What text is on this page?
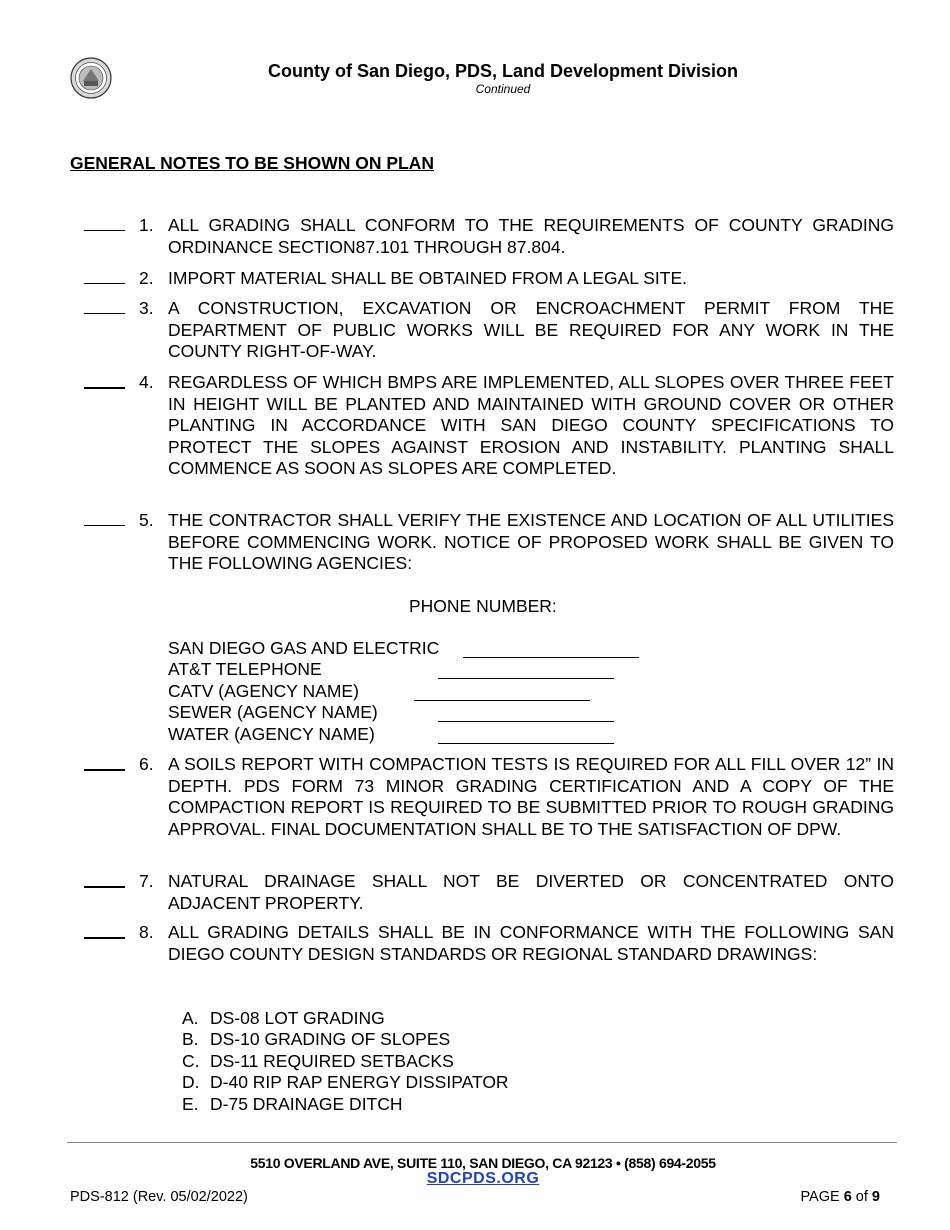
County of San Diego, PDS, Land Development Division
Continued
GENERAL NOTES TO BE SHOWN ON PLAN
1. ALL GRADING SHALL CONFORM TO THE REQUIREMENTS OF COUNTY GRADING ORDINANCE SECTION87.101 THROUGH 87.804.
2. IMPORT MATERIAL SHALL BE OBTAINED FROM A LEGAL SITE.
3. A CONSTRUCTION, EXCAVATION OR ENCROACHMENT PERMIT FROM THE DEPARTMENT OF PUBLIC WORKS WILL BE REQUIRED FOR ANY WORK IN THE COUNTY RIGHT-OF-WAY.
4. REGARDLESS OF WHICH BMPS ARE IMPLEMENTED, ALL SLOPES OVER THREE FEET IN HEIGHT WILL BE PLANTED AND MAINTAINED WITH GROUND COVER OR OTHER PLANTING IN ACCORDANCE WITH SAN DIEGO COUNTY SPECIFICATIONS TO PROTECT THE SLOPES AGAINST EROSION AND INSTABILITY. PLANTING SHALL COMMENCE AS SOON AS SLOPES ARE COMPLETED.
5. THE CONTRACTOR SHALL VERIFY THE EXISTENCE AND LOCATION OF ALL UTILITIES BEFORE COMMENCING WORK. NOTICE OF PROPOSED WORK SHALL BE GIVEN TO THE FOLLOWING AGENCIES:
PHONE NUMBER:
SAN DIEGO GAS AND ELECTRIC
AT&T TELEPHONE
CATV (AGENCY NAME)
SEWER (AGENCY NAME)
WATER (AGENCY NAME)
6. A SOILS REPORT WITH COMPACTION TESTS IS REQUIRED FOR ALL FILL OVER 12” IN DEPTH. PDS FORM 73 MINOR GRADING CERTIFICATION AND A COPY OF THE COMPACTION REPORT IS REQUIRED TO BE SUBMITTED PRIOR TO ROUGH GRADING APPROVAL. FINAL DOCUMENTATION SHALL BE TO THE SATISFACTION OF DPW.
7. NATURAL DRAINAGE SHALL NOT BE DIVERTED OR CONCENTRATED ONTO ADJACENT PROPERTY.
8. ALL GRADING DETAILS SHALL BE IN CONFORMANCE WITH THE FOLLOWING SAN DIEGO COUNTY DESIGN STANDARDS OR REGIONAL STANDARD DRAWINGS:
A. DS-08 LOT GRADING
B. DS-10 GRADING OF SLOPES
C. DS-11 REQUIRED SETBACKS
D. D-40 RIP RAP ENERGY DISSIPATOR
E. D-75 DRAINAGE DITCH
5510 OVERLAND AVE, SUITE 110, SAN DIEGO, CA 92123 • (858) 694-2055
SDCPDS.ORG
PDS-812 (Rev. 05/02/2022)	PAGE 6 of 9
